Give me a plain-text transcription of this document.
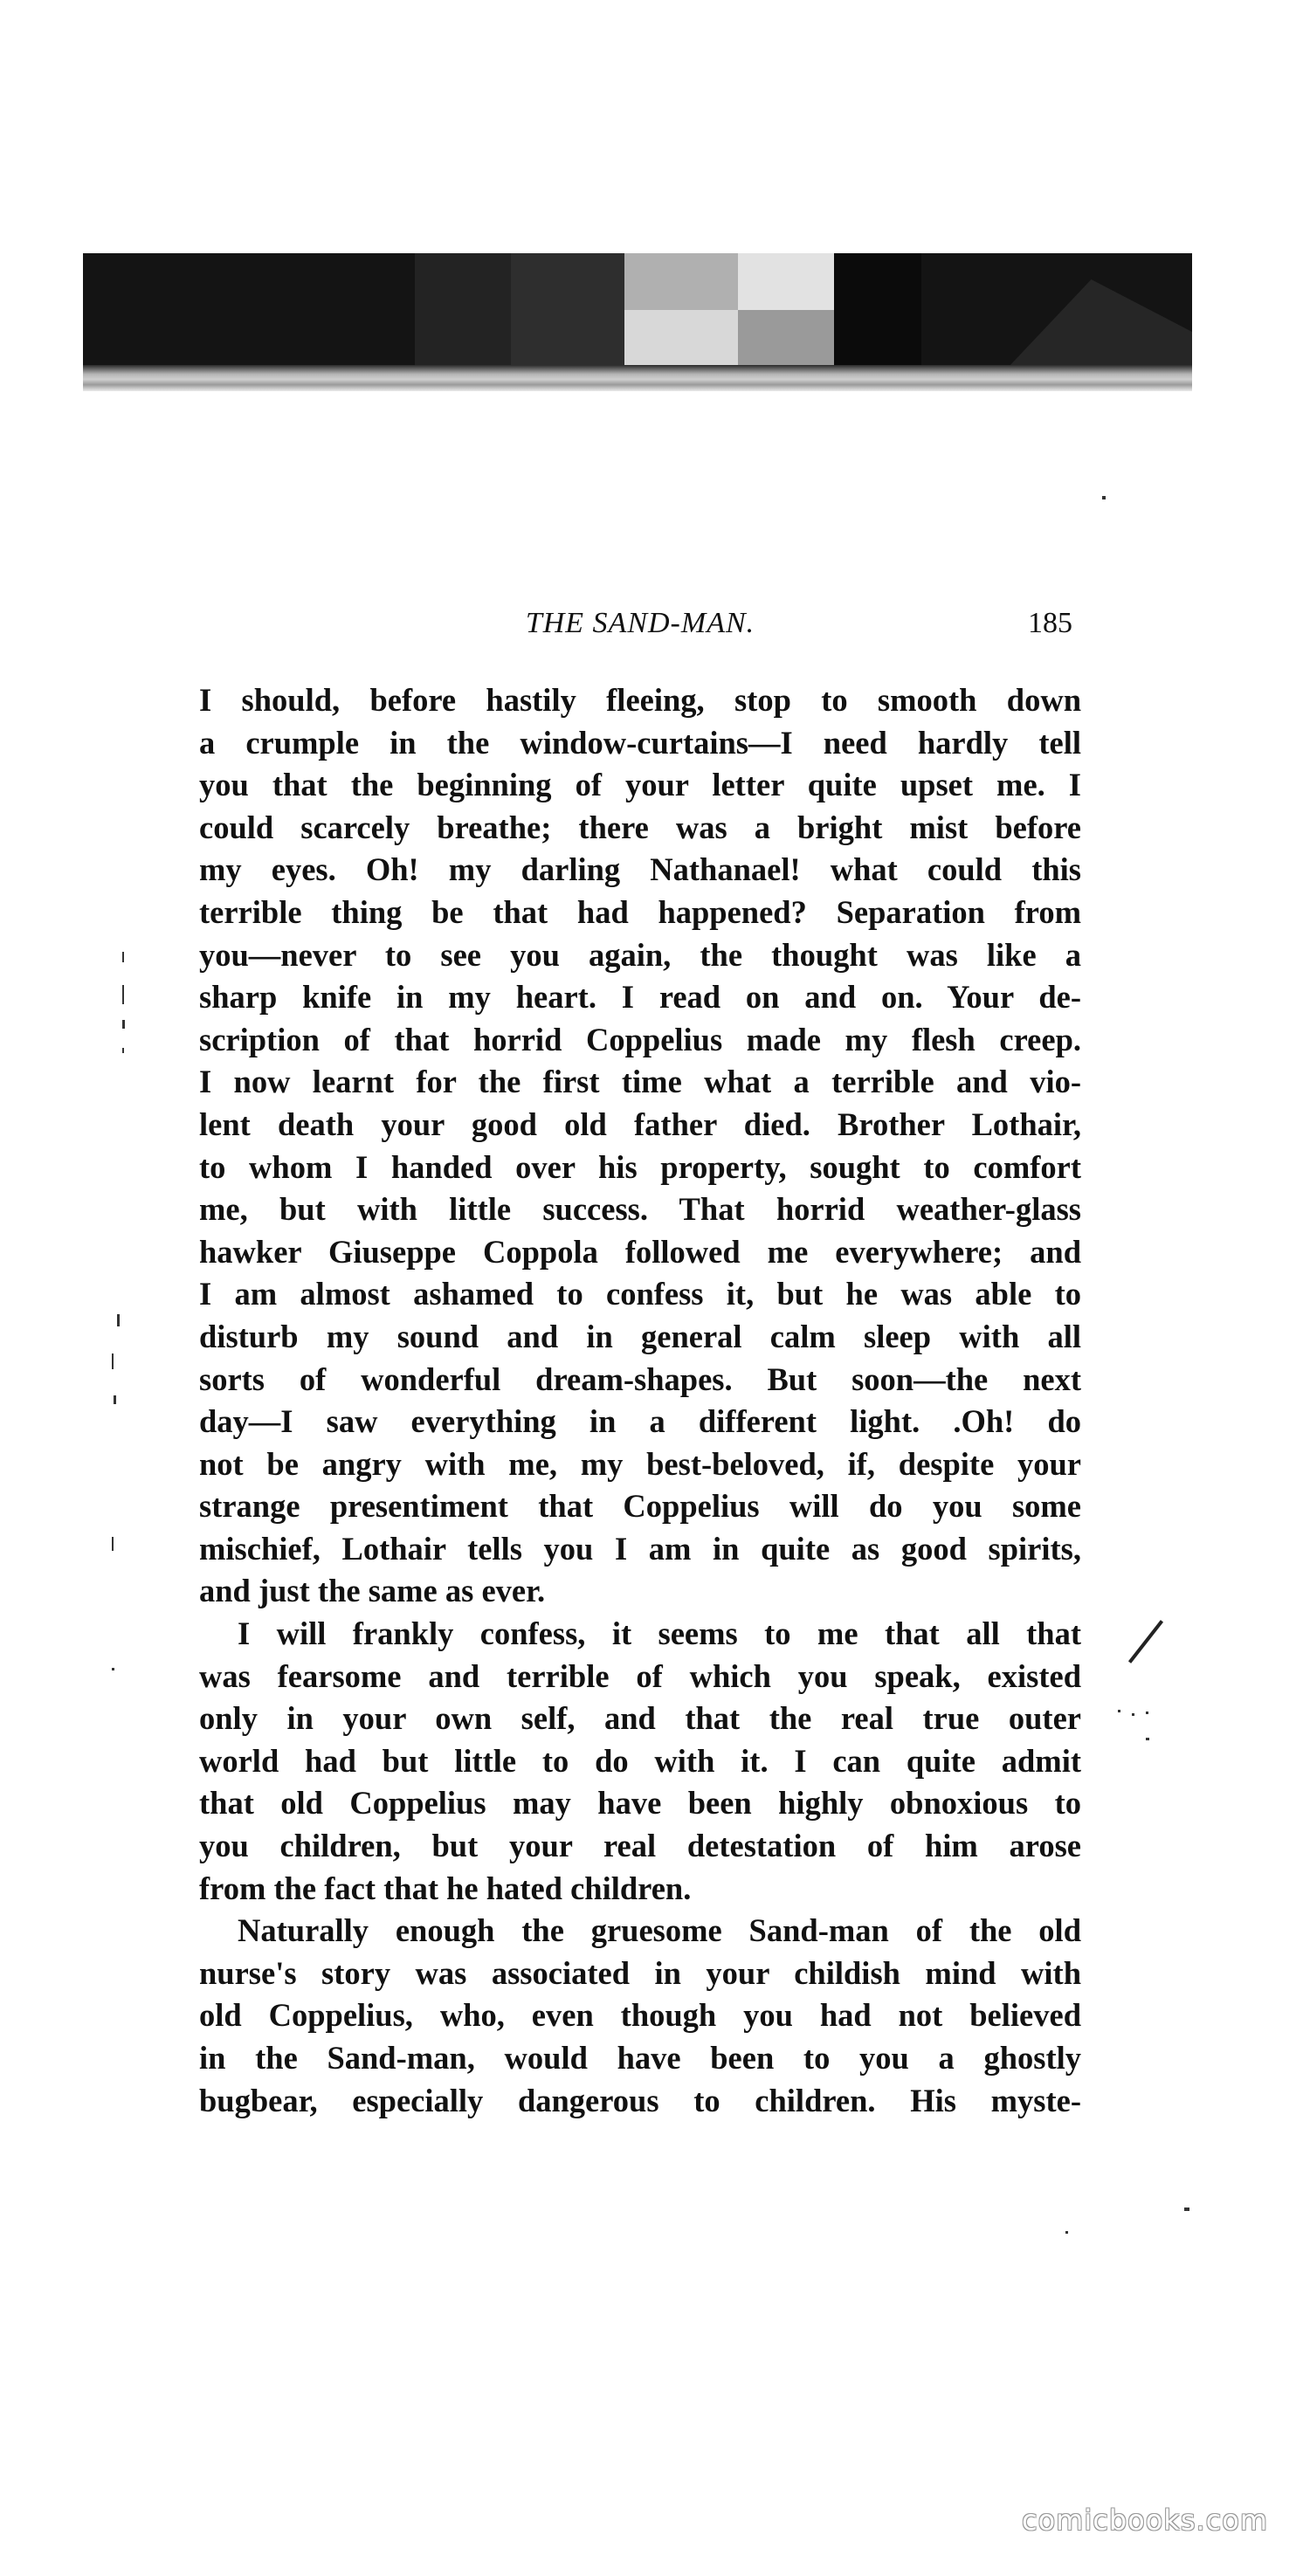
THE SAND-MAN.	185
I should, before hastily fleeing, stop to smooth down
a crumple in the window-curtains—I need hardly tell
you that the beginning of your letter quite upset me. I
could scarcely breathe; there was a bright mist before
my eyes. Oh! my darling Nathanael! what could this
terrible thing be that had happened? Separation from
you—never to see you again, the thought was like a
sharp knife in my heart. I read on and on. Your de-
scription of that horrid Coppelius made my flesh creep.
I now learnt for the first time what a terrible and vio-
lent death your good old father died. Brother Lothair,
to whom I handed over his property, sought to comfort
me, but with little success. That horrid weather-glass
hawker Giuseppe Coppola followed me everywhere; and
I am almost ashamed to confess it, but he was able to
disturb my sound and in general calm sleep with all
sorts of wonderful dream-shapes. But soon—the next
day—I saw everything in a different light. .Oh! do
not be angry with me, my best-beloved, if, despite your
strange presentiment that Coppelius will do you some
mischief, Lothair tells you I am in quite as good spirits,
and just the same as ever.
I will frankly confess, it seems to me that all that
was fearsome and terrible of which you speak, existed
only in your own self, and that the real true outer
world had but little to do with it. I can quite admit
that old Coppelius may have been highly obnoxious to
you children, but your real detestation of him arose
from the fact that he hated children.
Naturally enough the gruesome Sand-man of the old
nurse's story was associated in your childish mind with
old Coppelius, who, even though you had not believed
in the Sand-man, would have been to you a ghostly
bugbear, especially dangerous to children. His myste-
comicbooks.com
